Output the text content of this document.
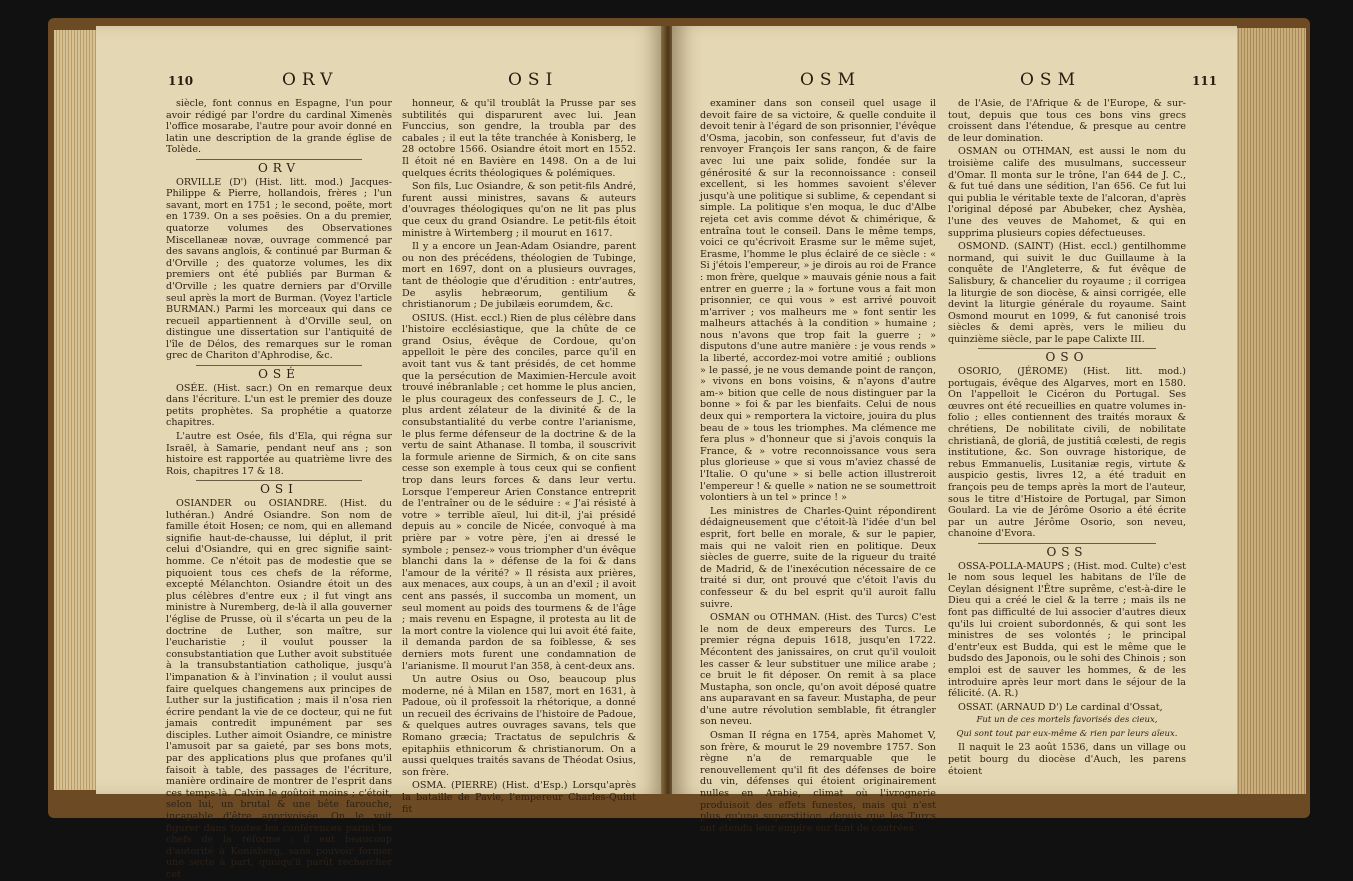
110	ORV	OSI

siècle, font connus en Espagne, l'un pour avoir rédigé par l'ordre du cardinal Ximenès l'office mosarabe, l'autre pour avoir donné en latin une description de la grande église de Tolède.

ORV

ORVILLE (D') (Hist. litt. mod.) Jacques-Philippe & Pierre, hollandois, frères ; l'un savant, mort en 1751 ; le second, poëte, mort en 1739. On a ses poësies. On a du premier, quatorze volumes des Observationes Miscellaneæ novæ, ouvrage commencé par des savans anglois, & continué par Burman & d'Orville ; des quatorze volumes, les dix premiers ont été publiés par Burman & d'Orville ; les quatre derniers par d'Orville seul après la mort de Burman. (Voyez l'article BURMAN.) Parmi les morceaux qui dans ce recueil appartiennent à d'Orville seul, on distingue une dissertation sur l'antiquité de l'île de Délos, des remarques sur le roman grec de Chariton d'Aphrodise, &c.

OSÉ

OSÉE. (Hist. sacr.) On en remarque deux dans l'écriture. L'un est le premier des douze petits prophètes. Sa prophétie a quatorze chapitres.

L'autre est Osée, fils d'Ela, qui régna sur Israël, à Samarie, pendant neuf ans ; son histoire est rapportée au quatrième livre des Rois, chapitres 17 & 18.

OSI

OSIANDER ou OSIANDRE. (Hist. du luthéran.) André Osiandre. Son nom de famille étoit Hosen; ce nom, qui en allemand signifie haut-de-chausse, lui déplut, il prit celui d'Osiandre, qui en grec signifie saint-homme. Ce n'étoit pas de modestie que se piquoient tous ces chefs de la réforme, excepté Mélanchton. Osiandre étoit un des plus célèbres d'entre eux ; il fut vingt ans ministre à Nuremberg, de-là il alla gouverner l'église de Prusse, où il s'écarta un peu de la doctrine de Luther, son maître, sur l'eucharistie ; il voulut pousser la consubstantiation que Luther avoit substituée à la transubstantiation catholique, jusqu'à l'impanation & à l'invination ; il voulut aussi faire quelques changemens aux principes de Luther sur la justification ; mais il n'osa rien écrire pendant la vie de ce docteur, qui ne fut jamais contredit impunément par ses disciples. Luther aimoit Osiandre, ce ministre l'amusoit par sa gaieté, par ses bons mots, par des applications plus que profanes qu'il faisoit à table, des passages de l'écriture, manière ordinaire de montrer de l'esprit dans ces temps-là. Calvin le goûtoit moins ; c'étoit, selon lui, un brutal & une bête farouche, incapable d'être apprivoisée. On le voit figurer dans toutes les conférences parmi les chefs de la réforme ; il eut beaucoup d'autorité à Konisberg, sans pouvoir former une secte à part, quoiqu'il parût rechercher cet

honneur, & qu'il troublât la Prusse par ses subtilités qui disparurent avec lui. Jean Funccius, son gendre, la troubla par des cabales ; il eut la tête tranchée à Konisberg, le 28 octobre 1566. Osiandre étoit mort en 1552. Il étoit né en Bavière en 1498. On a de lui quelques écrits théologiques & polémiques.

Son fils, Luc Osiandre, & son petit-fils André, furent aussi ministres, savans & auteurs d'ouvrages théologiques qu'on ne lit pas plus que ceux du grand Osiandre. Le petit-fils étoit ministre à Wirtemberg ; il mourut en 1617.

Il y a encore un Jean-Adam Osiandre, parent ou non des précédens, théologien de Tubinge, mort en 1697, dont on a plusieurs ouvrages, tant de théologie que d'érudition : entr'autres, De asylis hebræorum, gentilium & christianorum ; De jubilæis eorumdem, &c.

OSIUS. (Hist. eccl.) Rien de plus célèbre dans l'histoire ecclésiastique, que la chûte de ce grand Osius, évêque de Cordoue, qu'on appelloit le père des conciles, parce qu'il en avoit tant vus & tant présidés, de cet homme que la persécution de Maximien-Hercule avoit trouvé inébranlable ; cet homme le plus ancien, le plus courageux des confesseurs de J. C., le plus ardent zélateur de la divinité & de la consubstantialité du verbe contre l'arianisme, le plus ferme défenseur de la doctrine & de la vertu de saint Athanase. Il tomba, il souscrivit la formule arienne de Sirmich, & on cite sans cesse son exemple à tous ceux qui se confient trop dans leurs forces & dans leur vertu. Lorsque l'empereur Arien Constance entreprit de l'entraîner ou de le séduire : « J'ai résisté à votre » terrible aïeul, lui dit-il, j'ai présidé depuis au » concile de Nicée, convoqué à ma prière par » votre père, j'en ai dressé le symbole ; pensez-» vous triompher d'un évêque blanchi dans la » défense de la foi & dans l'amour de la vérité? » Il résista aux prières, aux menaces, aux coups, à un an d'exil ; il avoit cent ans passés, il succomba un moment, un seul moment au poids des tourmens & de l'âge ; mais revenu en Espagne, il protesta au lit de la mort contre la violence qui lui avoit été faite, il demanda pardon de sa foiblesse, & ses derniers mots furent une condamnation de l'arianisme. Il mourut l'an 358, à cent-deux ans.

Un autre Osius ou Oso, beaucoup plus moderne, né à Milan en 1587, mort en 1631, à Padoue, où il professoit la rhétorique, a donné un recueil des écrivains de l'histoire de Padoue, & quelques autres ouvrages savans, tels que Romano græcia; Tractatus de sepulchris & epitaphiis ethnicorum & christianorum. On a aussi quelques traités savans de Théodat Osius, son frère.

OSMA. (PIERRE) (Hist. d'Esp.) Lorsqu'après la bataille de Pavie, l'empereur Charles-Quint fit

OSM	OSM	111

examiner dans son conseil quel usage il devoit faire de sa victoire, & quelle conduite il devoit tenir à l'égard de son prisonnier, l'évêque d'Osma, jacobin, son confesseur, fut d'avis de renvoyer François Ier sans rançon, & de faire avec lui une paix solide, fondée sur la générosité & sur la reconnoissance : conseil excellent, si les hommes savoient s'élever jusqu'à une politique si sublime, & cependant si simple. La politique s'en moqua, le duc d'Albe rejeta cet avis comme dévot & chimérique, & entraîna tout le conseil. Dans le même temps, voici ce qu'écrivoit Erasme sur le même sujet, Erasme, l'homme le plus éclairé de ce siècle : « Si j'étois l'empereur, » je dirois au roi de France : mon frère, quelque » mauvais génie nous a fait entrer en guerre ; la » fortune vous a fait mon prisonnier, ce qui vous » est arrivé pouvoit m'arriver ; vos malheurs me » font sentir les malheurs attachés à la condition » humaine ; nous n'avons que trop fait la guerre ; » disputons d'une autre manière : je vous rends » la liberté, accordez-moi votre amitié ; oublions » le passé, je ne vous demande point de rançon, » vivons en bons voisins, & n'ayons d'autre am-» bition que celle de nous distinguer par la bonne » foi & par les bienfaits. Celui de nous deux qui » remportera la victoire, jouira du plus beau de » tous les triomphes. Ma clémence me fera plus » d'honneur que si j'avois conquis la France, & » votre reconnoissance vous sera plus glorieuse » que si vous m'aviez chassé de l'Italie. O qu'une » si belle action illustreroit l'empereur ! & quelle » nation ne se soumettroit volontiers à un tel » prince ! »

Les ministres de Charles-Quint répondirent dédaigneusement que c'étoit-là l'idée d'un bel esprit, fort belle en morale, & sur le papier, mais qui ne valoit rien en politique. Deux siècles de guerre, suite de la rigueur du traité de Madrid, & de l'inexécution nécessaire de ce traité si dur, ont prouvé que c'étoit l'avis du confesseur & du bel esprit qu'il auroit fallu suivre.

OSMAN ou OTHMAN. (Hist. des Turcs) C'est le nom de deux empereurs des Turcs. Le premier régna depuis 1618, jusqu'en 1722. Mécontent des janissaires, on crut qu'il vouloit les casser & leur substituer une milice arabe ; ce bruit le fit déposer. On remit à sa place Mustapha, son oncle, qu'on avoit déposé quatre ans auparavant en sa faveur. Mustapha, de peur d'une autre révolution semblable, fit étrangler son neveu.

Osman II régna en 1754, après Mahomet V, son frère, & mourut le 29 novembre 1757. Son règne n'a de remarquable que le renouvellement qu'il fit des défenses de boire du vin, défenses qui étoient originairement nulles en Arabie, climat où l'ivrognerie produisoit des effets funestes, mais qui n'est plus qu'une superstition, depuis que les Turcs ont étendu leur empire sur tant de contrées

de l'Asie, de l'Afrique & de l'Europe, & sur-tout, depuis que tous ces bons vins grecs croissent dans l'étendue, & presque au centre de leur domination.

OSMAN ou OTHMAN, est aussi le nom du troisième calife des musulmans, successeur d'Omar. Il monta sur le trône, l'an 644 de J. C., & fut tué dans une sédition, l'an 656. Ce fut lui qui publia le véritable texte de l'alcoran, d'après l'original déposé par Abubeker, chez Ayshèa, l'une des veuves de Mahomet, & qui en supprima plusieurs copies défectueuses.

OSMOND. (SAINT) (Hist. eccl.) gentilhomme normand, qui suivit le duc Guillaume à la conquête de l'Angleterre, & fut évêque de Salisbury, & chancelier du royaume ; il corrigea la liturgie de son diocèse, & ainsi corrigée, elle devint la liturgie générale du royaume. Saint Osmond mourut en 1099, & fut canonisé trois siècles & demi après, vers le milieu du quinzième siècle, par le pape Calixte III.

OSO

OSORIO, (JÉROME) (Hist. litt. mod.) portugais, évêque des Algarves, mort en 1580. On l'appelloit le Cicéron du Portugal. Ses œuvres ont été recueillies en quatre volumes in-folio ; elles contiennent des traités moraux & chrétiens, De nobilitate civili, de nobilitate christianâ, de gloriâ, de justitiâ cœlesti, de regis institutione, &c. Son ouvrage historique, de rebus Emmanuelis, Lusitaniæ regis, virtute & auspicio gestis, livres 12, a été traduit en françois peu de temps après la mort de l'auteur, sous le titre d'Histoire de Portugal, par Simon Goulard. La vie de Jérôme Osorio a été écrite par un autre Jérôme Osorio, son neveu, chanoine d'Evora.

OSS

OSSA-POLLA-MAUPS ; (Hist. mod. Culte) c'est le nom sous lequel les habitans de l'île de Ceylan désignent l'Être suprême, c'est-à-dire le Dieu qui a créé le ciel & la terre ; mais ils ne font pas difficulté de lui associer d'autres dieux qu'ils lui croient subordonnés, & qui sont les ministres de ses volontés ; le principal d'entr'eux est Budda, qui est le même que le budsdo des Japonois, ou le sohi des Chinois ; son emploi est de sauver les hommes, & de les introduire après leur mort dans le séjour de la félicité. (A. R.)

OSSAT. (ARNAUD D') Le cardinal d'Ossat,

Fut un de ces mortels favorisés des cieux,
Qui sont tout par eux-même & rien par leurs aïeux.

Il naquit le 23 août 1536, dans un village ou petit bourg du diocèse d'Auch, les parens étoient
